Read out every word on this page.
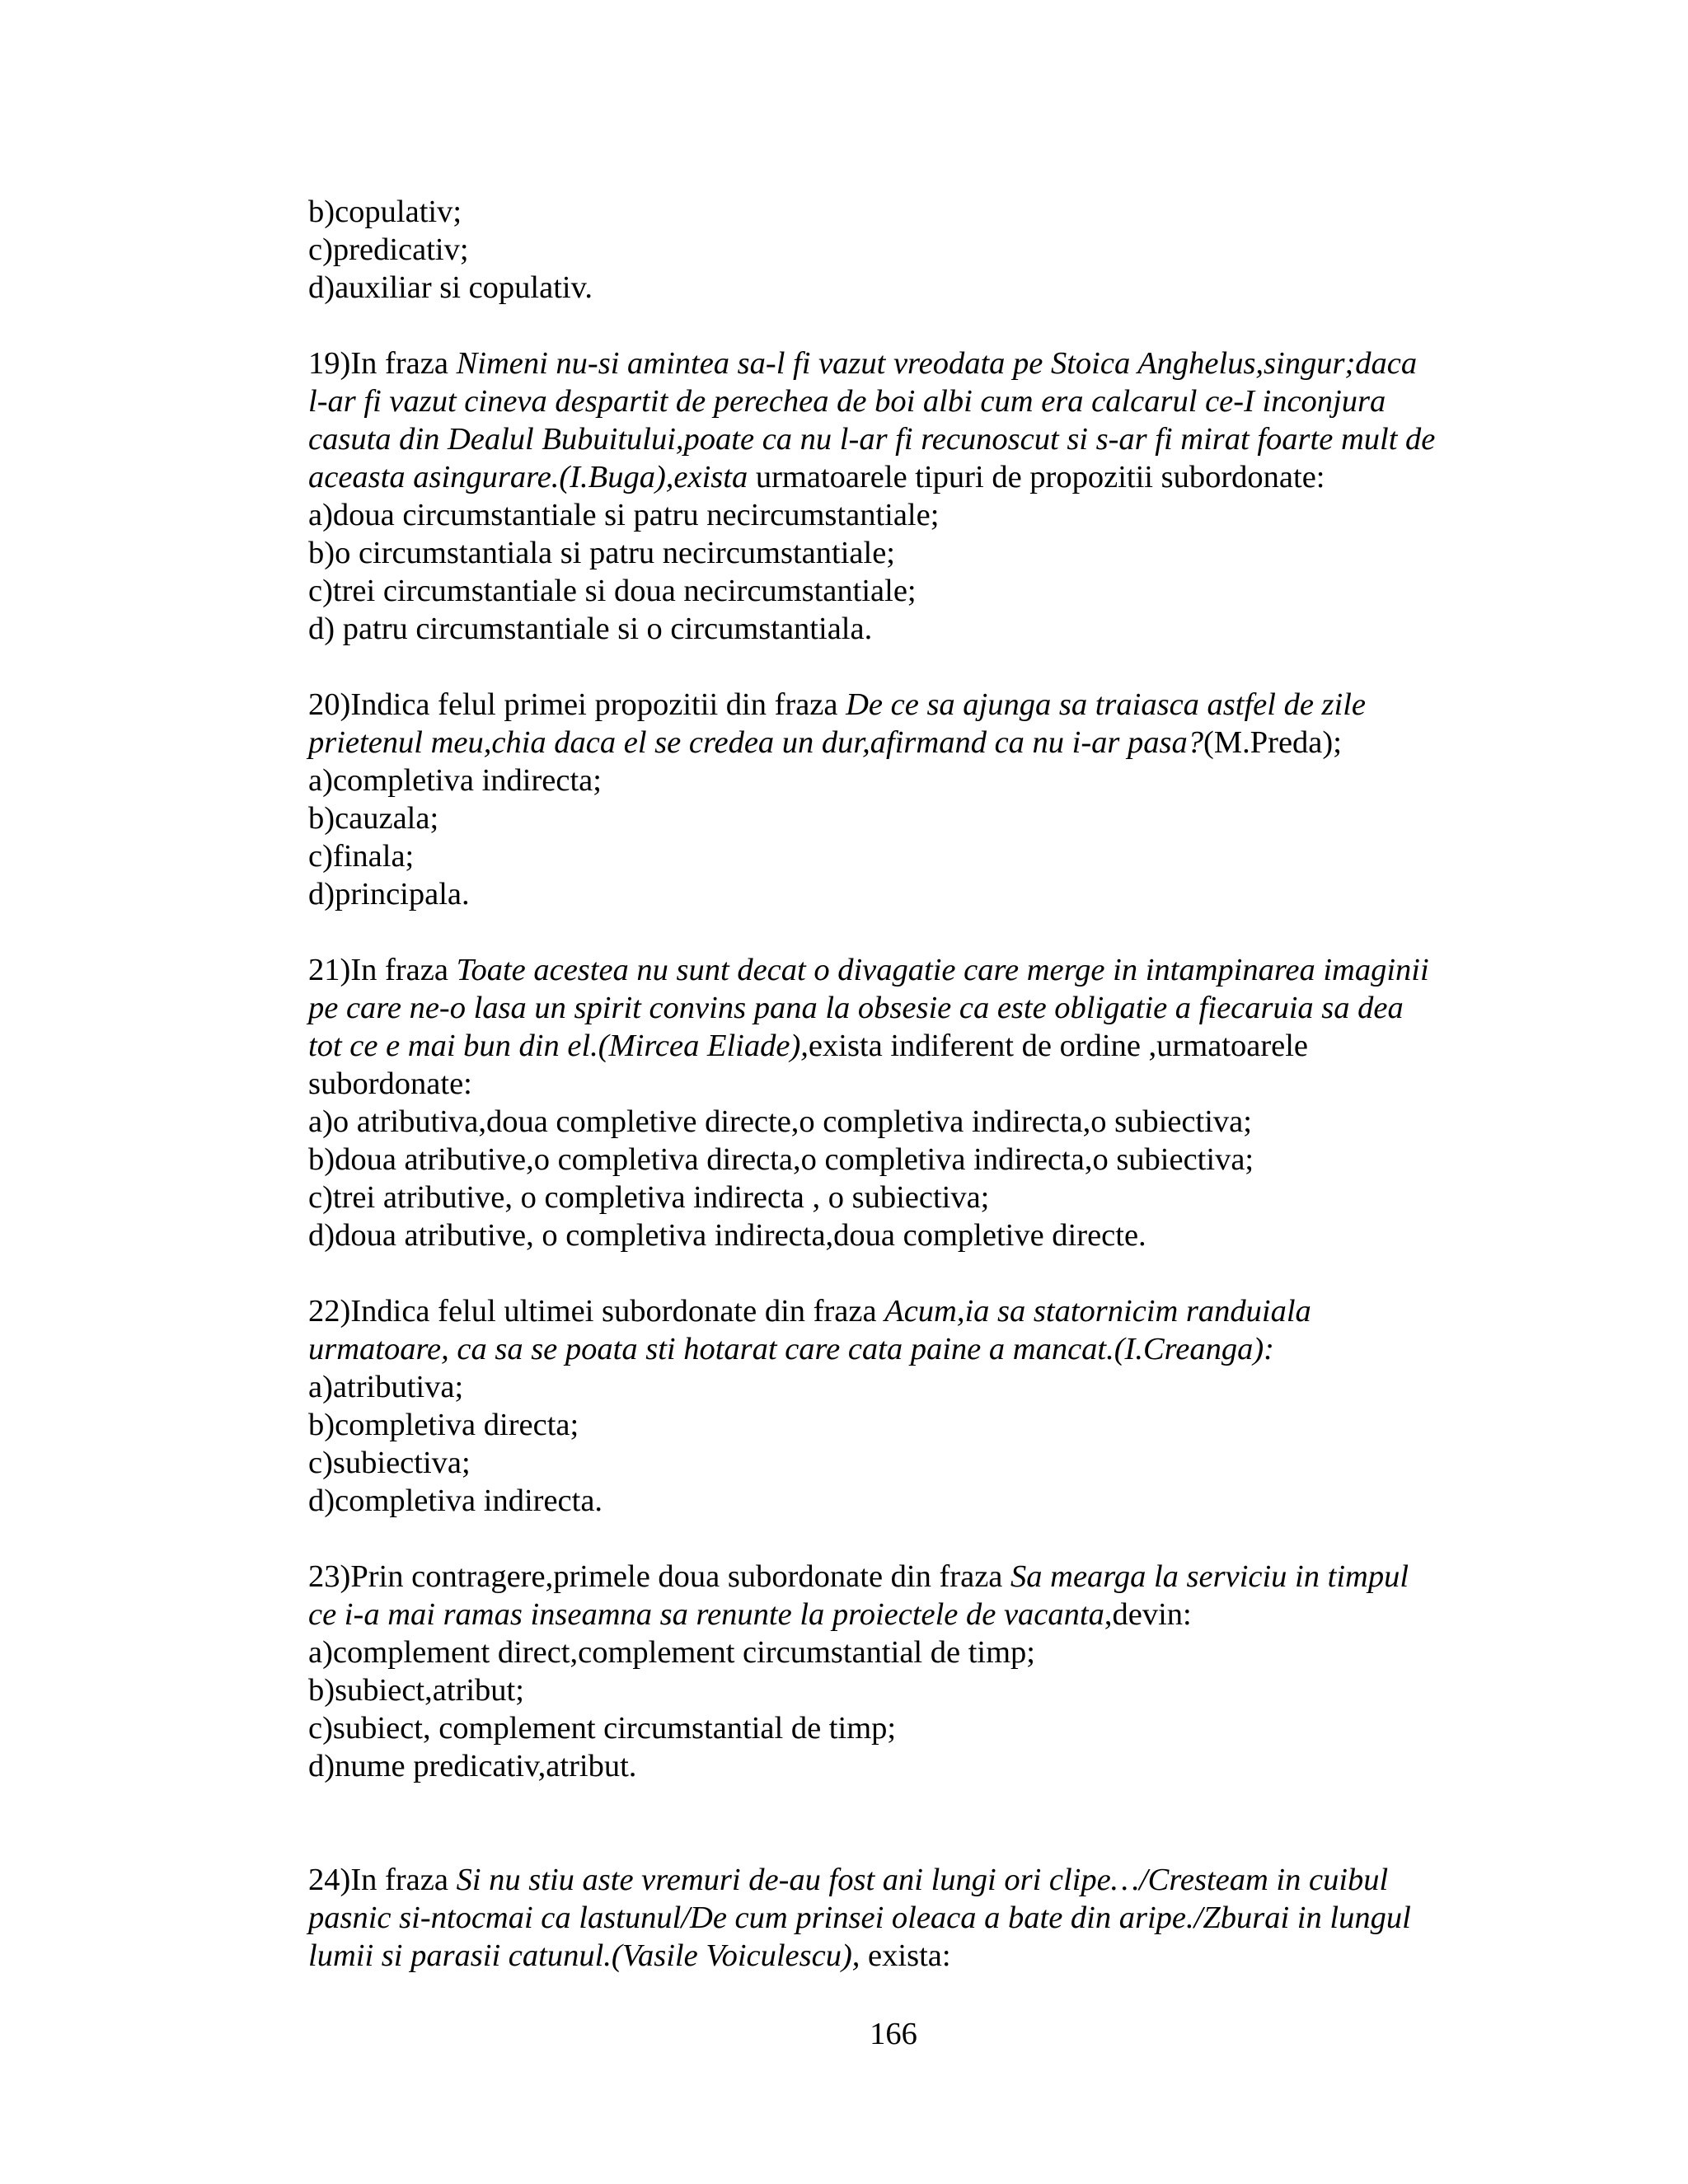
b)copulativ;
c)predicativ;
d)auxiliar si copulativ.
19)In fraza Nimeni nu-si amintea sa-l fi vazut vreodata pe Stoica Anghelus,singur;daca
l-ar fi vazut cineva despartit de perechea de boi albi cum era calcarul ce-I inconjura
casuta din Dealul Bubuitului,poate ca nu l-ar fi recunoscut si s-ar fi mirat foarte mult de
aceasta asingurare.(I.Buga),exista urmatoarele tipuri de propozitii subordonate:
a)doua circumstantiale si patru necircumstantiale;
b)o circumstantiala si patru necircumstantiale;
c)trei circumstantiale si doua necircumstantiale;
d) patru circumstantiale si o circumstantiala.
20)Indica felul primei propozitii din fraza De ce sa ajunga sa traiasca astfel de zile
prietenul meu,chia daca el se credea un dur,afirmand ca nu i-ar pasa?(M.Preda);
a)completiva indirecta;
b)cauzala;
c)finala;
d)principala.
21)In fraza Toate acestea nu sunt decat o divagatie care merge in intampinarea imaginii
pe care ne-o lasa un spirit convins pana la obsesie ca este obligatie a fiecaruia sa dea
tot ce e mai bun din el.(Mircea Eliade),exista indiferent de ordine ,urmatoarele
subordonate:
a)o atributiva,doua completive directe,o completiva indirecta,o subiectiva;
b)doua atributive,o completiva directa,o completiva indirecta,o subiectiva;
c)trei atributive, o completiva indirecta , o subiectiva;
d)doua atributive, o completiva indirecta,doua completive directe.
22)Indica felul ultimei subordonate din fraza Acum,ia sa statornicim randuiala
urmatoare, ca sa se poata sti hotarat care cata paine a mancat.(I.Creanga):
a)atributiva;
b)completiva directa;
c)subiectiva;
d)completiva indirecta.
23)Prin contragere,primele doua subordonate din fraza Sa mearga la serviciu in timpul
ce i-a mai ramas inseamna sa renunte la proiectele de vacanta,devin:
a)complement direct,complement circumstantial de timp;
b)subiect,atribut;
c)subiect, complement circumstantial de timp;
d)nume predicativ,atribut.
24)In fraza Si nu stiu aste vremuri de-au fost ani lungi ori clipe…/Cresteam in cuibul
pasnic si-ntocmai ca lastunul/De cum prinsei oleaca a bate din aripe./Zburai in lungul
lumii si parasii catunul.(Vasile Voiculescu), exista:
166
